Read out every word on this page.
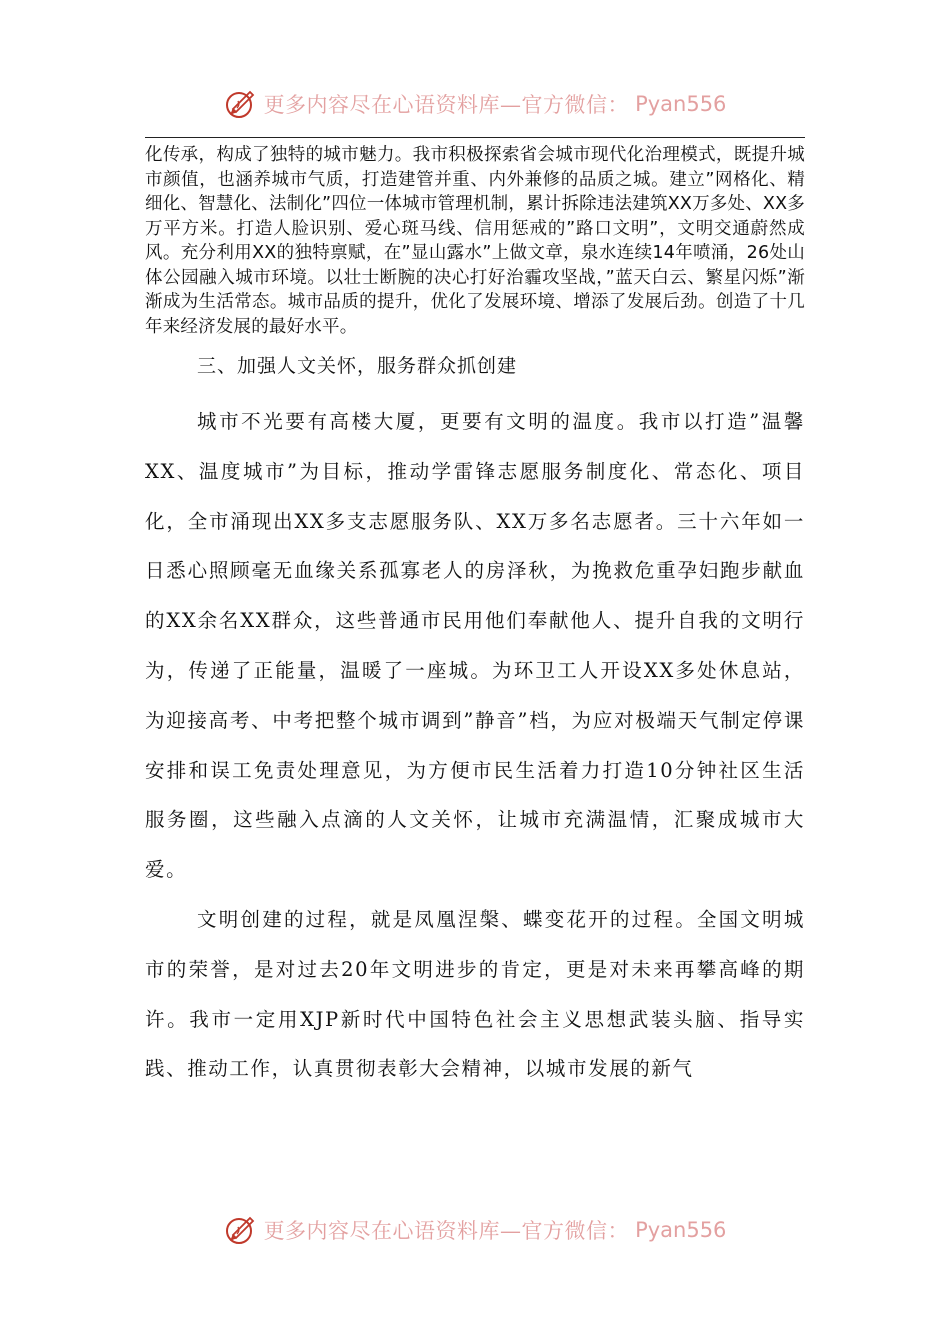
更多内容尽在心语资料库—官方微信： Pyan556

化传承，构成了独特的城市魅力。我市积极探索省会城市现代化治理模式，既提升城市颜值，也涵养城市气质，打造建管并重、内外兼修的品质之城。建立”网格化、精细化、智慧化、法制化”四位一体城市管理机制，累计拆除违法建筑XX万多处、XX多万平方米。打造人脸识别、爱心斑马线、信用惩戒的”路口文明”，文明交通蔚然成风。充分利用XX的独特禀赋，在”显山露水”上做文章，泉水连续14年喷涌，26处山体公园融入城市环境。以壮士断腕的决心打好治霾攻坚战，”蓝天白云、繁星闪烁”渐渐成为生活常态。城市品质的提升，优化了发展环境、增添了发展后劲。创造了十几年来经济发展的最好水平。

三、加强人文关怀，服务群众抓创建

城市不光要有高楼大厦，更要有文明的温度。我市以打造”温馨XX、温度城市”为目标，推动学雷锋志愿服务制度化、常态化、项目化，全市涌现出XX多支志愿服务队、XX万多名志愿者。三十六年如一日悉心照顾毫无血缘关系孤寡老人的房泽秋，为挽救危重孕妇跑步献血的XX余名XX群众，这些普通市民用他们奉献他人、提升自我的文明行为，传递了正能量，温暖了一座城。为环卫工人开设XX多处休息站，为迎接高考、中考把整个城市调到”静音”档，为应对极端天气制定停课安排和误工免责处理意见，为方便市民生活着力打造10分钟社区生活服务圈，这些融入点滴的人文关怀，让城市充满温情，汇聚成城市大爱。

文明创建的过程，就是凤凰涅槃、蝶变花开的过程。全国文明城市的荣誉，是对过去20年文明进步的肯定，更是对未来再攀高峰的期许。我市一定用XJP新时代中国特色社会主义思想武装头脑、指导实践、推动工作，认真贯彻表彰大会精神，以城市发展的新气

更多内容尽在心语资料库—官方微信： Pyan556
